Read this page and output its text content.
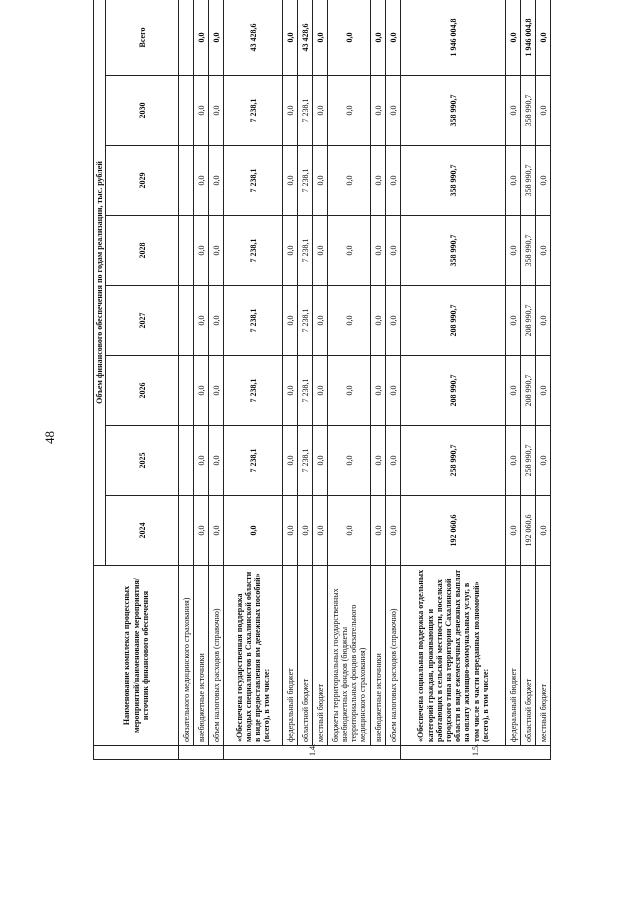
48
	Наименование комплекса процессных мероприятий/наименование мероприятия/ источник финансового обеспечения	Объем финансового обеспечения по годам реализации, тыс. рублей							
		2024	2025	2026	2027	2028	2029	2030	Всего
	обязательного медицинского страхования)								
	внебюджетные источники	0,0	0,0	0,0	0,0	0,0	0,0	0,0	0,0
	объем налоговых расходов (справочно)	0,0	0,0	0,0	0,0	0,0	0,0	0,0	0,0
1.4.	«Обеспечена государственная поддержка молодых специалистов в Сахалинской области в виде предоставления им денежных пособий» (всего), в том числе:	0,0	7 238,1	7 238,1	7 238,1	7 238,1	7 238,1	7 238,1	43 428,6
	федеральный бюджет	0,0	0,0	0,0	0,0	0,0	0,0	0,0	0,0
	областной бюджет	0,0	7 238,1	7 238,1	7 238,1	7 238,1	7 238,1	7 238,1	43 428,6
	местный бюджет	0,0	0,0	0,0	0,0	0,0	0,0	0,0	0,0
	бюджеты территориальных государственных внебюджетных фондов (бюджеты территориальных фондов обязательного медицинского страхования)	0,0	0,0	0,0	0,0	0,0	0,0	0,0	0,0
	внебюджетные источники	0,0	0,0	0,0	0,0	0,0	0,0	0,0	0,0
	объем налоговых расходов (справочно)	0,0	0,0	0,0	0,0	0,0	0,0	0,0	0,0
1.5.	«Обеспечена социальная поддержка отдельных категорий граждан, проживающих и работающих в сельской местности, поселках городского типа на территории Сахалинской области в виде ежемесячных денежных выплат на оплату жилищно-коммунальных услуг, в том числе в части переданных полномочий» (всего), в том числе:	192 060,6	258 990,7	208 990,7	208 990,7	358 990,7	358 990,7	358 990,7	1 946 004,8
	федеральный бюджет	0,0	0,0	0,0	0,0	0,0	0,0	0,0	0,0
	областной бюджет	192 060,6	258 990,7	208 990,7	208 990,7	358 990,7	358 990,7	358 990,7	1 946 004,8
	местный бюджет	0,0	0,0	0,0	0,0	0,0	0,0	0,0	0,0
